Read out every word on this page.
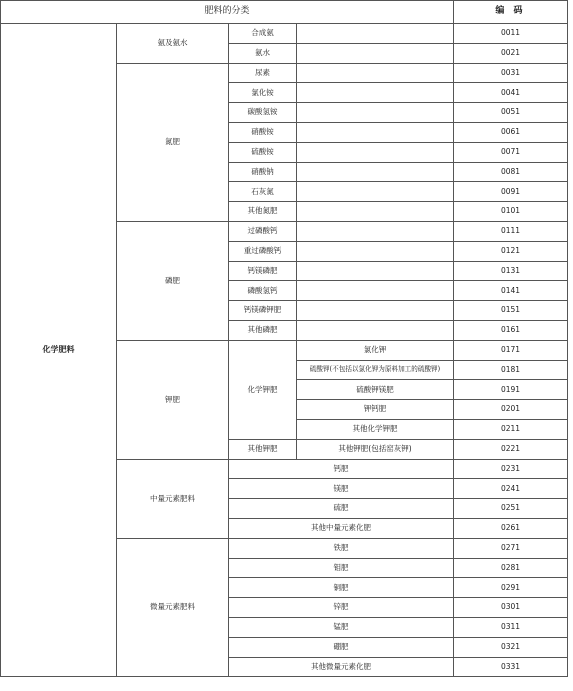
肥料的分类				编 码
化学肥料	氨及氨水	合成氨		0011
		氨水		0021
	氮肥	尿素		0031
		氯化铵		0041
		碳酸氢铵		0051
		硝酸铵		0061
		硫酸铵		0071
		硝酸钠		0081
		石灰氮		0091
		其他氮肥		0101
	磷肥	过磷酸钙		0111
		重过磷酸钙		0121
		钙镁磷肥		0131
		磷酸氢钙		0141
		钙镁磷钾肥		0151
		其他磷肥		0161
	钾肥	化学钾肥	氯化钾	0171
			硫酸钾(不包括以氯化钾为原料加工的硫酸钾)	0181
			硫酸钾镁肥	0191
			钾钙肥	0201
			其他化学钾肥	0211
		其他钾肥	其他钾肥(包括窑灰钾)	0221
	中量元素肥料	钙肥		0231
		镁肥		0241
		硫肥		0251
		其他中量元素化肥		0261
	微量元素肥料	铁肥		0271
		钼肥		0281
		铜肥		0291
		锌肥		0301
		锰肥		0311
		硼肥		0321
		其他微量元素化肥		0331
